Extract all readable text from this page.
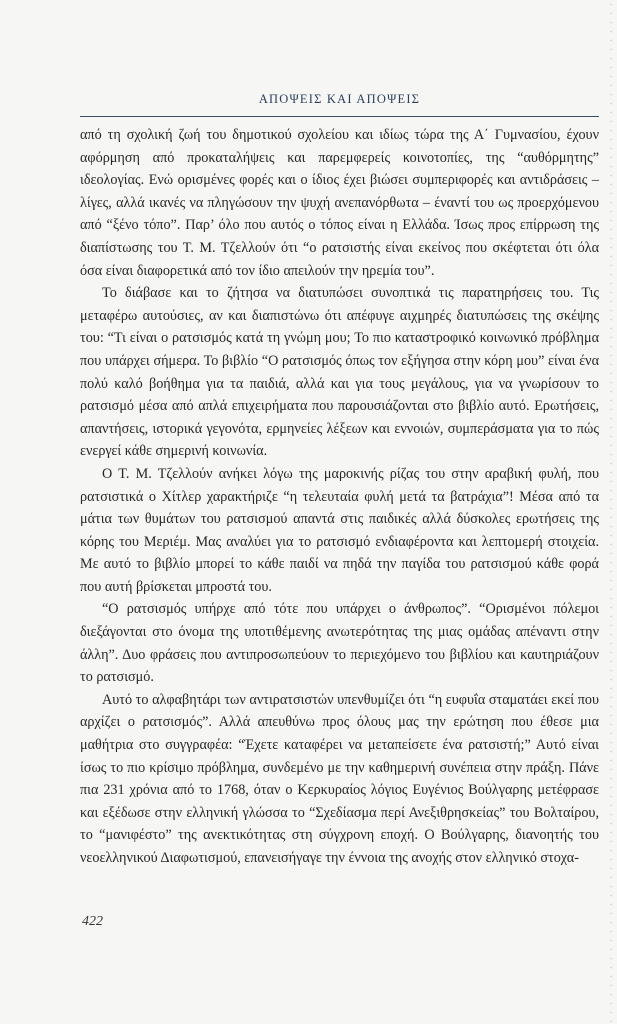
ΑΠΟΨΕΙΣ ΚΑΙ ΑΠΟΨΕΙΣ

από τη σχολική ζωή του δημοτικού σχολείου και ιδίως τώρα της Α΄ Γυμνασίου, έχουν αφόρμηση από προκαταλήψεις και παρεμφερείς κοινοτοπίες, της “αυθόρμητης” ιδεολογίας. Ενώ ορισμένες φορές και ο ίδιος έχει βιώσει συμπεριφορές και αντιδράσεις – λίγες, αλλά ικανές να πληγώσουν την ψυχή ανεπανόρθωτα – έναντί του ως προερχόμενου από “ξένο τόπο”. Παρ’ όλο που αυτός ο τόπος είναι η Ελλάδα. Ίσως προς επίρρωση της διαπίστωσης του Τ. Μ. Τζελλούν ότι “ο ρατσιστής είναι εκείνος που σκέφτεται ότι όλα όσα είναι διαφορετικά από τον ίδιο απειλούν την ηρεμία του”.

Το διάβασε και το ζήτησα να διατυπώσει συνοπτικά τις παρατηρήσεις του. Τις μεταφέρω αυτούσιες, αν και διαπιστώνω ότι απέφυγε αιχμηρές διατυπώσεις της σκέψης του: “Τι είναι ο ρατσισμός κατά τη γνώμη μου; Το πιο καταστροφικό κοινωνικό πρόβλημα που υπάρχει σήμερα. Το βιβλίο “Ο ρατσισμός όπως τον εξήγησα στην κόρη μου” είναι ένα πολύ καλό βοήθημα για τα παιδιά, αλλά και για τους μεγάλους, για να γνωρίσουν το ρατσισμό μέσα από απλά επιχειρήματα που παρουσιάζονται στο βιβλίο αυτό. Ερωτήσεις, απαντήσεις, ιστορικά γεγονότα, ερμηνείες λέξεων και εννοιών, συμπεράσματα για το πώς ενεργεί κάθε σημερινή κοινωνία.

Ο Τ. Μ. Τζελλούν ανήκει λόγω της μαροκινής ρίζας του στην αραβική φυλή, που ρατσιστικά ο Χίτλερ χαρακτήριζε “η τελευταία φυλή μετά τα βατράχια”! Μέσα από τα μάτια των θυμάτων του ρατσισμού απαντά στις παιδικές αλλά δύσκολες ερωτήσεις της κόρης του Μεριέμ. Μας αναλύει για το ρατσισμό ενδιαφέροντα και λεπτομερή στοιχεία. Με αυτό το βιβλίο μπορεί το κάθε παιδί να πηδά την παγίδα του ρατσισμού κάθε φορά που αυτή βρίσκεται μπροστά του.

“Ο ρατσισμός υπήρχε από τότε που υπάρχει ο άνθρωπος”. “Ορισμένοι πόλεμοι διεξάγονται στο όνομα της υποτιθέμενης ανωτερότητας της μιας ομάδας απέναντι στην άλλη”. Δυο φράσεις που αντιπροσωπεύουν το περιεχόμενο του βιβλίου και καυτηριάζουν το ρατσισμό.

Αυτό το αλφαβητάρι των αντιρατσιστών υπενθυμίζει ότι “η ευφυΐα σταματάει εκεί που αρχίζει ο ρατσισμός”. Αλλά απευθύνω προς όλους μας την ερώτηση που έθεσε μια μαθήτρια στο συγγραφέα: “Έχετε καταφέρει να μεταπείσετε ένα ρατσιστή;” Αυτό είναι ίσως το πιο κρίσιμο πρόβλημα, συνδεμένο με την καθημερινή συνέπεια στην πράξη. Πάνε πια 231 χρόνια από το 1768, όταν ο Κερκυραίος λόγιος Ευγένιος Βούλγαρης μετέφρασε και εξέδωσε στην ελληνική γλώσσα το “Σχεδίασμα περί Ανεξιθρησκείας” του Βολταίρου, το “μανιφέστο” της ανεκτικότητας στη σύγχρονη εποχή. Ο Βούλγαρης, διανοητής του νεοελληνικού Διαφωτισμού, επανεισήγαγε την έννοια της ανοχής στον ελληνικό στοχα-

422
